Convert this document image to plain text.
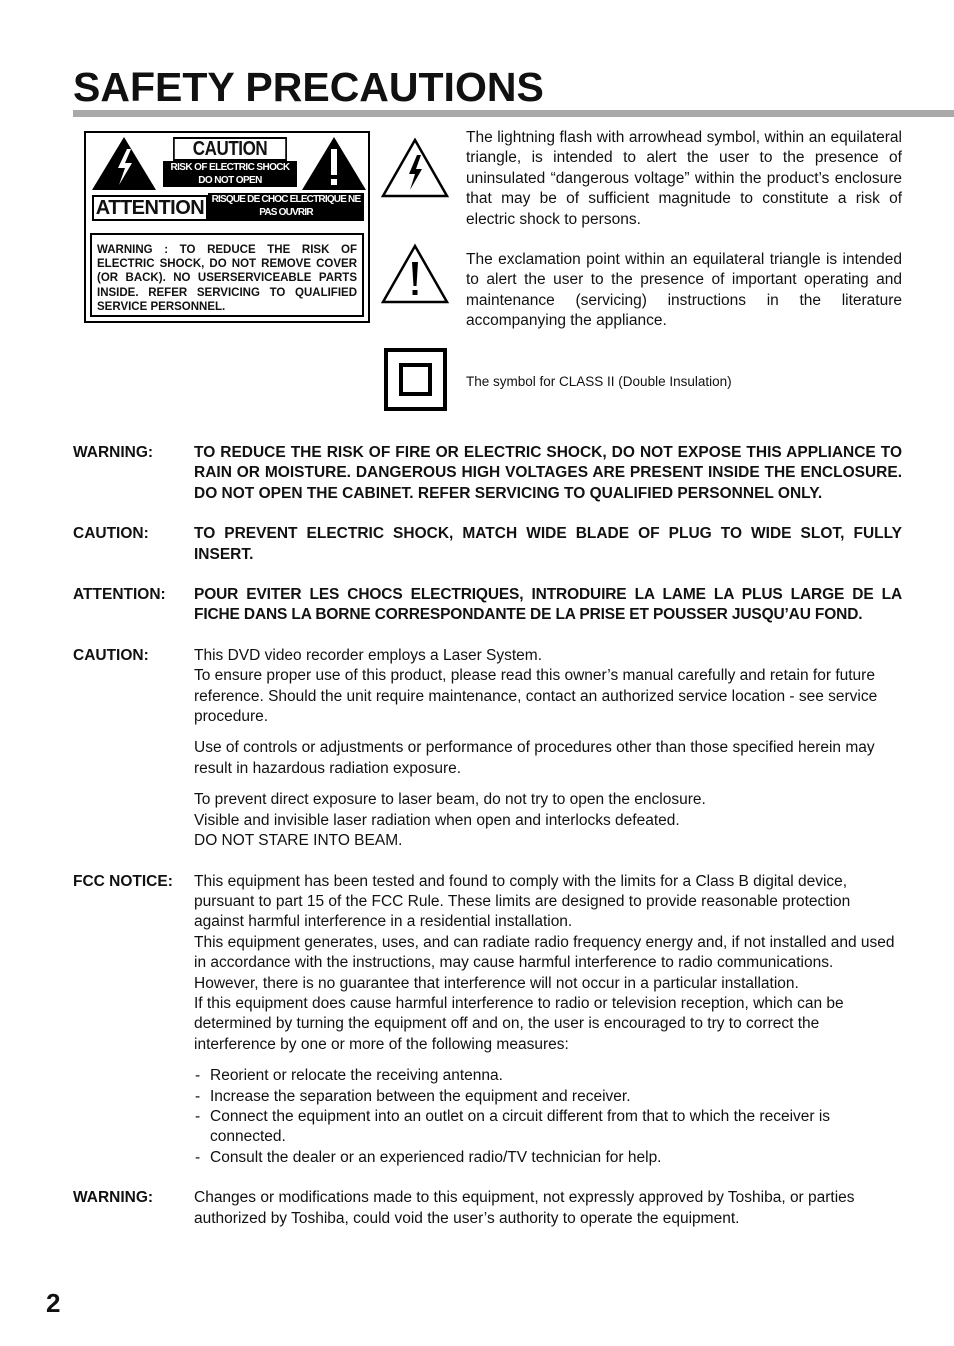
SAFETY PRECAUTIONS
CAUTION
RISK OF ELECTRIC SHOCK
DO NOT OPEN
ATTENTION RISQUE DE CHOC ELECTRIQUE NE
PAS OUVRIR
WARNING : TO REDUCE THE RISK OF ELECTRIC SHOCK, DO NOT REMOVE COVER (OR BACK). NO USERSERVICEABLE PARTS INSIDE. REFER SERVICING TO QUALIFIED SERVICE PERSONNEL.

The lightning flash with arrowhead symbol, within an equilateral triangle, is intended to alert the user to the presence of uninsulated “dangerous voltage” within the product’s enclosure that may be of sufficient magnitude to constitute a risk of electric shock to persons.

The exclamation point within an equilateral triangle is intended to alert the user to the presence of important operating and maintenance (servicing) instructions in the literature accompanying the appliance.

The symbol for CLASS II (Double Insulation)

WARNING:	TO REDUCE THE RISK OF FIRE OR ELECTRIC SHOCK, DO NOT EXPOSE THIS APPLIANCE TO RAIN OR MOISTURE. DANGEROUS HIGH VOLTAGES ARE PRESENT INSIDE THE ENCLOSURE. DO NOT OPEN THE CABINET. REFER SERVICING TO QUALIFIED PERSONNEL ONLY.
CAUTION:	TO PREVENT ELECTRIC SHOCK, MATCH WIDE BLADE OF PLUG TO WIDE SLOT, FULLY INSERT.
ATTENTION:	POUR EVITER LES CHOCS ELECTRIQUES, INTRODUIRE LA LAME LA PLUS LARGE DE LA FICHE DANS LA BORNE CORRESPONDANTE DE LA PRISE ET POUSSER JUSQU’AU FOND.
CAUTION:	This DVD video recorder employs a Laser System.
To ensure proper use of this product, please read this owner’s manual carefully and retain for future reference. Should the unit require maintenance, contact an authorized service location - see service procedure.
Use of controls or adjustments or performance of procedures other than those specified herein may result in hazardous radiation exposure.
To prevent direct exposure to laser beam, do not try to open the enclosure.
Visible and invisible laser radiation when open and interlocks defeated.
DO NOT STARE INTO BEAM.
FCC NOTICE:	This equipment has been tested and found to comply with the limits for a Class B digital device, pursuant to part 15 of the FCC Rule. These limits are designed to provide reasonable protection against harmful interference in a residential installation.
This equipment generates, uses, and can radiate radio frequency energy and, if not installed and used in accordance with the instructions, may cause harmful interference to radio communications.
However, there is no guarantee that interference will not occur in a particular installation.
If this equipment does cause harmful interference to radio or television reception, which can be determined by turning the equipment off and on, the user is encouraged to try to correct the interference by one or more of the following measures:
- Reorient or relocate the receiving antenna.
- Increase the separation between the equipment and receiver.
- Connect the equipment into an outlet on a circuit different from that to which the receiver is connected.
- Consult the dealer or an experienced radio/TV technician for help.
WARNING:	Changes or modifications made to this equipment, not expressly approved by Toshiba, or parties authorized by Toshiba, could void the user’s authority to operate the equipment.
2
